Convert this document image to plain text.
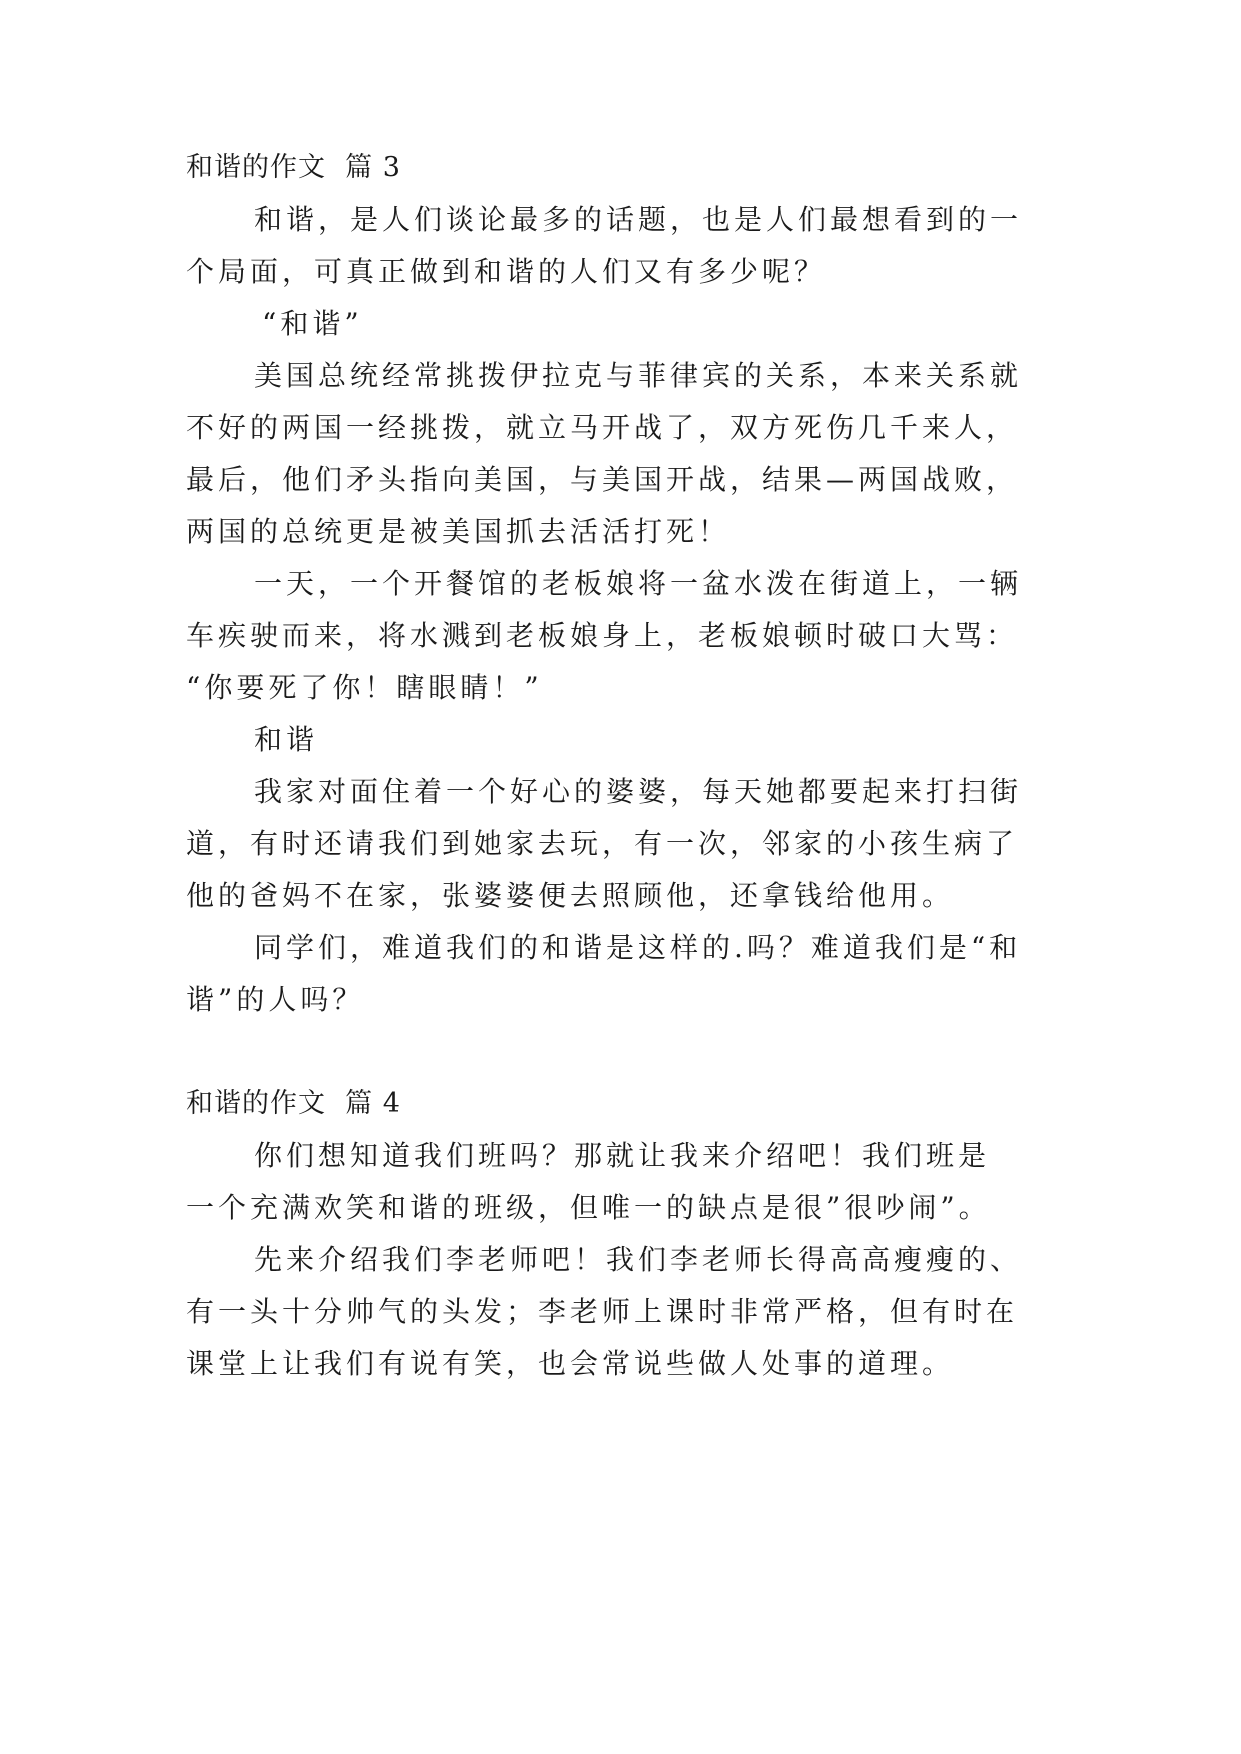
和谐的作文  篇 3
和谐，是人们谈论最多的话题，也是人们最想看到的一
个局面，可真正做到和谐的人们又有多少呢？
“和谐”
美国总统经常挑拨伊拉克与菲律宾的关系，本来关系就
不好的两国一经挑拨，就立马开战了，双方死伤几千来人，
最后，他们矛头指向美国，与美国开战，结果—两国战败，
两国的总统更是被美国抓去活活打死！
一天，一个开餐馆的老板娘将一盆水泼在街道上，一辆
车疾驶而来，将水溅到老板娘身上，老板娘顿时破口大骂：
“你要死了你！瞎眼睛！”
和谐
我家对面住着一个好心的婆婆，每天她都要起来打扫街
道，有时还请我们到她家去玩，有一次，邻家的小孩生病了
他的爸妈不在家，张婆婆便去照顾他，还拿钱给他用。
同学们，难道我们的和谐是这样的.吗？难道我们是“和
谐”的人吗？
和谐的作文  篇 4
你们想知道我们班吗？那就让我来介绍吧！我们班是
一个充满欢笑和谐的班级，但唯一的缺点是很”很吵闹”。
先来介绍我们李老师吧！我们李老师长得高高瘦瘦的、
有一头十分帅气的头发；李老师上课时非常严格，但有时在
课堂上让我们有说有笑，也会常说些做人处事的道理。
